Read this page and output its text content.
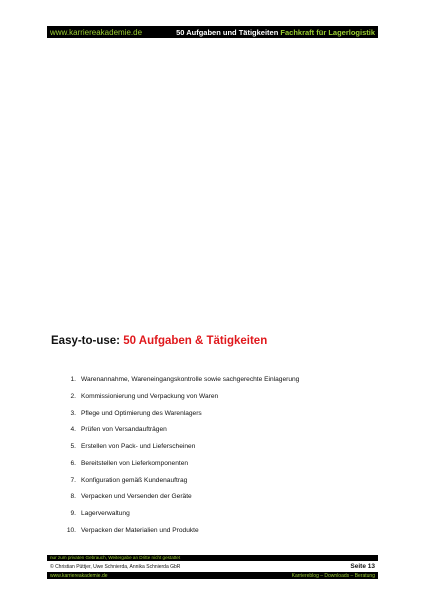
www.karriereakademie.de	50 Aufgaben und Tätigkeiten Fachkraft für Lagerlogistik
Easy-to-use: 50 Aufgaben & Tätigkeiten
1. Warenannahme, Wareneingangskontrolle sowie sachgerechte Einlagerung
2. Kommissionierung und Verpackung von Waren
3. Pflege und Optimierung des Warenlagers
4. Prüfen von Versandaufträgen
5. Erstellen von Pack- und Lieferscheinen
6. Bereitstellen von Lieferkomponenten
7. Konfiguration gemäß Kundenauftrag
8. Verpacken und Versenden der Geräte
9. Lagerverwaltung
10. Verpacken der Materialien und Produkte
nur zum privaten Gebrauch, Weitergabe an Dritte nicht gestattet
© Christian Püttjer, Uwe Schnierda, Annika Schnierda GbR	Seite 13
www.karriereakademie.de	Karriereblog – Downloads – Beratung
